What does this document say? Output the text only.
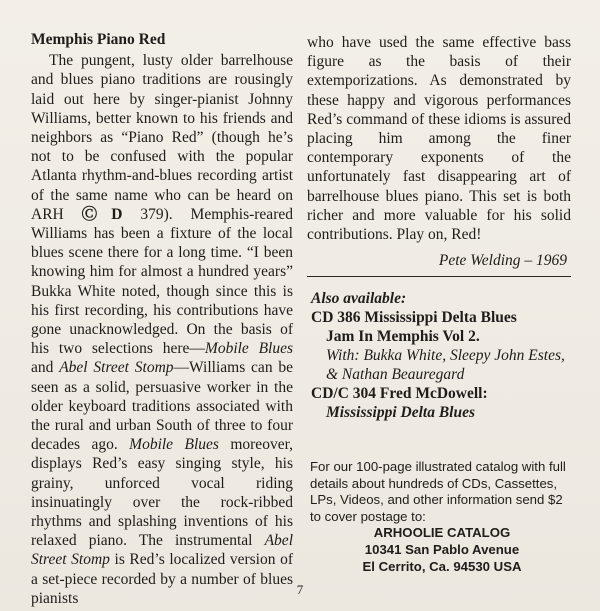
Memphis Piano Red

The pungent, lusty older barrelhouse and blues piano traditions are rousingly laid out here by singer-pianist Johnny Williams, better known to his friends and neighbors as “Piano Red” (though he’s not to be confused with the popular Atlanta rhythm-and-blues recording artist of the same name who can be heard on ARH ⒸD 379). Memphis-reared Williams has been a fixture of the local blues scene there for a long time. “I been knowing him for almost a hundred years” Bukka White noted, though since this is his first recording, his contributions have gone unacknowledged. On the basis of his two selections here—Mobile Blues and Abel Street Stomp—Williams can be seen as a solid, persuasive worker in the older keyboard traditions associated with the rural and urban South of three to four decades ago. Mobile Blues moreover, displays Red’s easy singing style, his grainy, unforced vocal riding insinuatingly over the rock-ribbed rhythms and splashing inventions of his relaxed piano. The instrumental Abel Street Stomp is Red’s localized version of a set-piece recorded by a number of blues pianists

who have used the same effective bass figure as the basis of their extemporizations. As demonstrated by these happy and vigorous performances Red’s command of these idioms is assured placing him among the finer contemporary exponents of the unfortunately fast disappearing art of barrelhouse blues piano. This set is both richer and more valuable for his solid contributions. Play on, Red!

Pete Welding – 1969

Also available:

CD 386 Mississippi Delta Blues

Jam In Memphis Vol 2.

With: Bukka White, Sleepy John Estes, & Nathan Beauregard

CD/C 304 Fred McDowell:

Mississippi Delta Blues

For our 100-page illustrated catalog with full details about hundreds of CDs, Cassettes, LPs, Videos, and other information send $2 to cover postage to:

ARHOOLIE CATALOG

10341 San Pablo Avenue

El Cerrito, Ca. 94530 USA

7
